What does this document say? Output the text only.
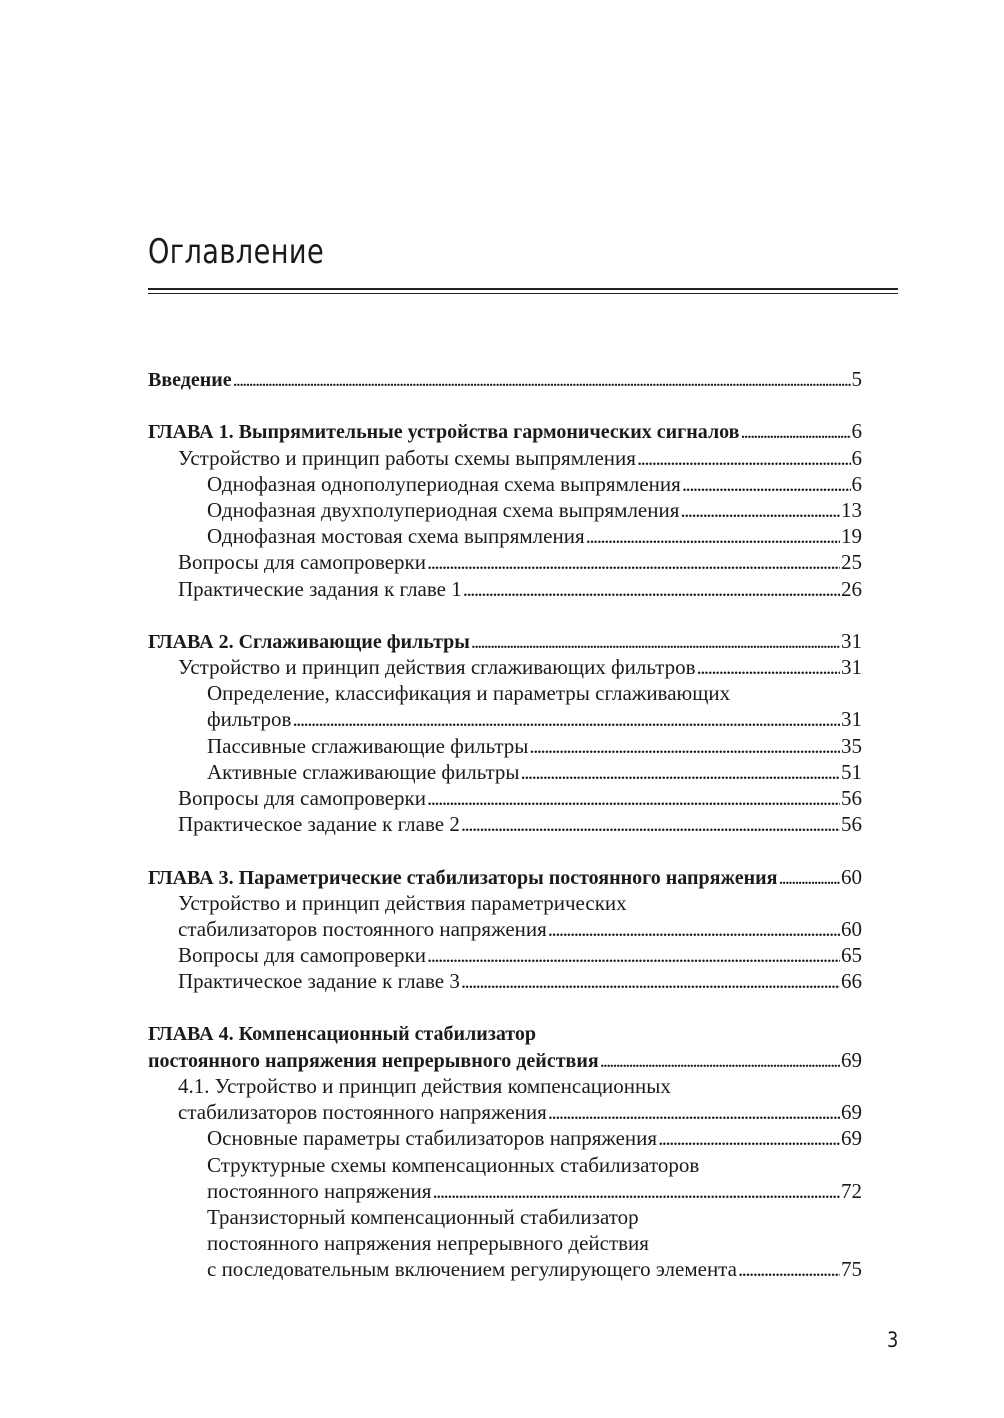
Оглавление
Введение . . .	5
ГЛАВА 1. Выпрямительные устройства гармонических сигналов . . .	6
Устройство и принцип работы схемы выпрямления . . .	6
Однофазная однополупериодная схема выпрямления . . .	6
Однофазная двухполупериодная схема выпрямления . . .	13
Однофазная мостовая схема выпрямления . . .	19
Вопросы для самопроверки . . .	25
Практические задания к главе 1 . . .	26
ГЛАВА 2. Сглаживающие фильтры . . .	31
Устройство и принцип действия сглаживающих фильтров . . .	31
Определение, классификация и параметры сглаживающих
фильтров . . .	31
Пассивные сглаживающие фильтры . . .	35
Активные сглаживающие фильтры . . .	51
Вопросы для самопроверки . . .	56
Практическое задание к главе 2 . . .	56
ГЛАВА 3. Параметрические стабилизаторы постоянного напряжения . . .	60
Устройство и принцип действия параметрических
стабилизаторов постоянного напряжения . . .	60
Вопросы для самопроверки . . .	65
Практическое задание к главе 3 . . .	66
ГЛАВА 4. Компенсационный стабилизатор
постоянного напряжения непрерывного действия . . .	69
4.1. Устройство и принцип действия компенсационных
стабилизаторов постоянного напряжения . . .	69
Основные параметры стабилизаторов напряжения . . .	69
Структурные схемы компенсационных стабилизаторов
постоянного напряжения . . .	72
Транзисторный компенсационный стабилизатор
постоянного напряжения непрерывного действия
с последовательным включением регулирующего элемента . . .	75
3
